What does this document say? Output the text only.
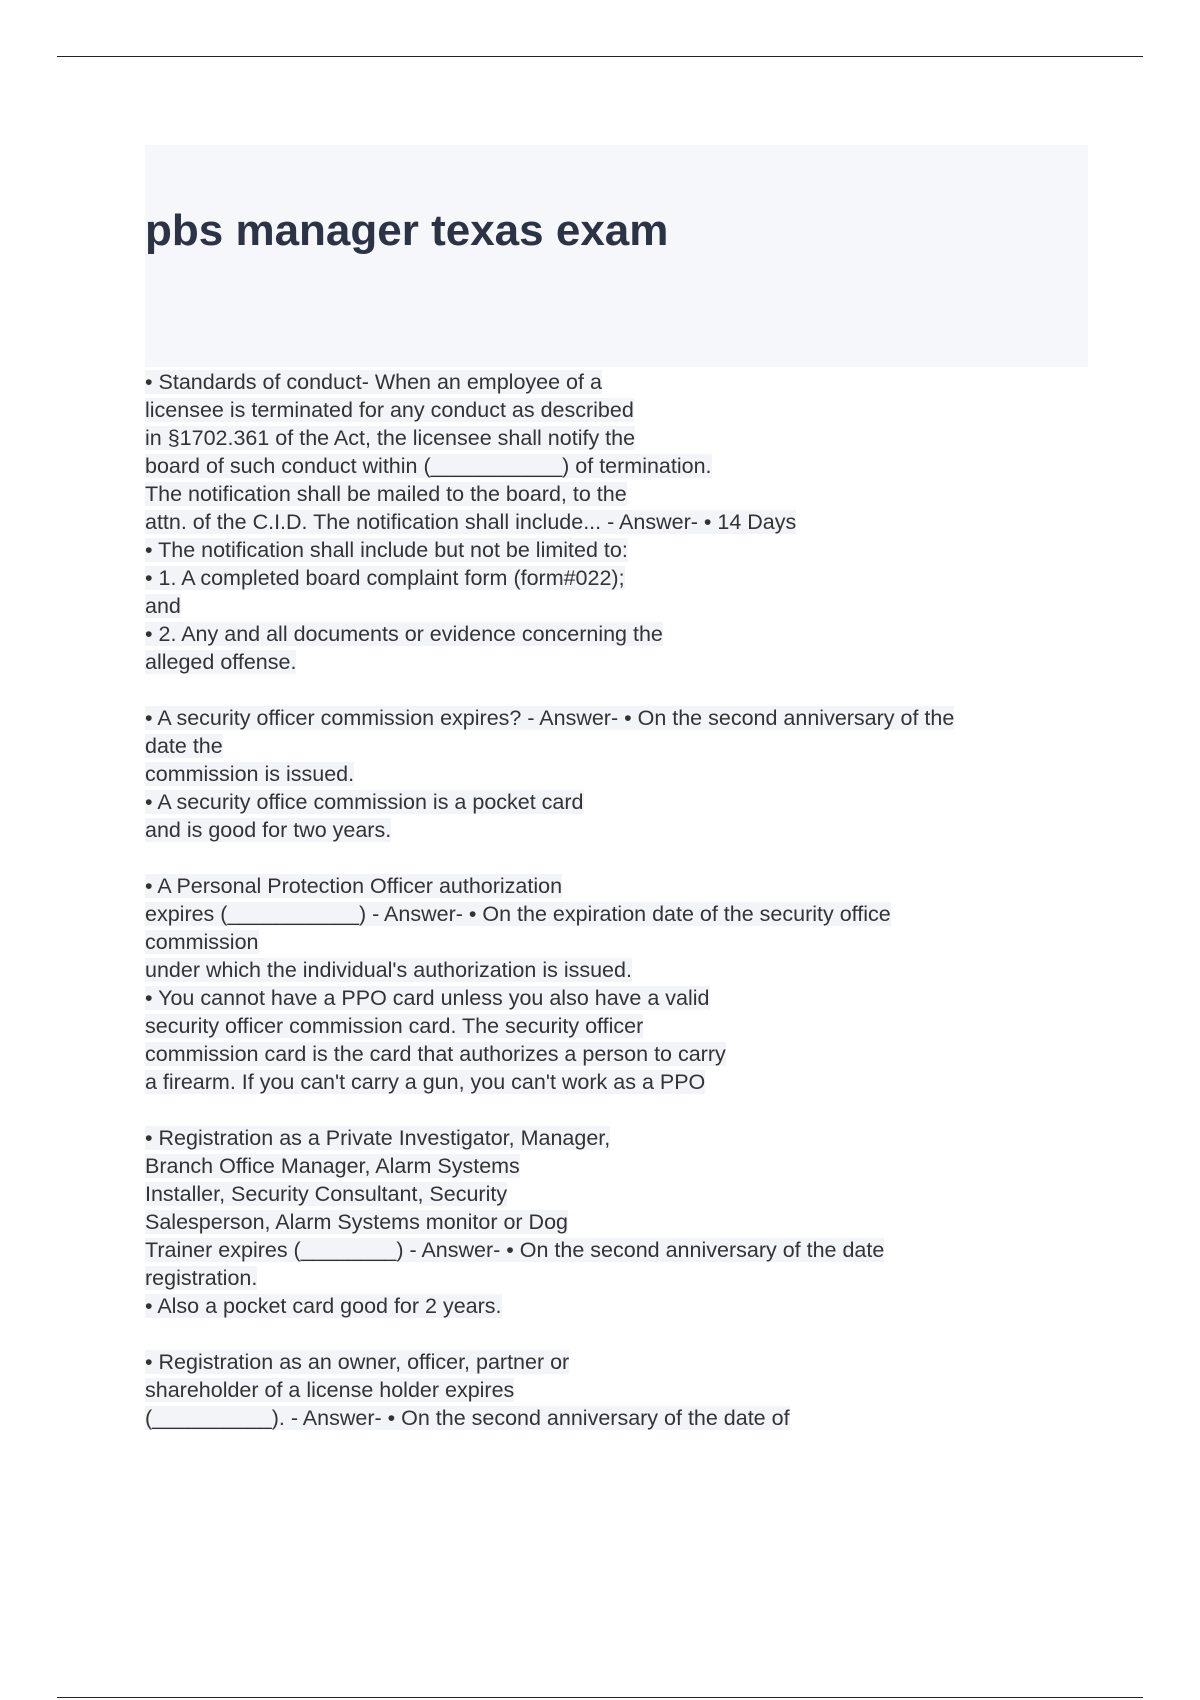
pbs manager texas exam
• Standards of conduct- When an employee of a
licensee is terminated for any conduct as described
in §1702.361 of the Act, the licensee shall notify the
board of such conduct within (___________) of termination.
The notification shall be mailed to the board, to the
attn. of the C.I.D. The notification shall include... - Answer- • 14 Days
• The notification shall include but not be limited to:
• 1. A completed board complaint form (form#022);
and
• 2. Any and all documents or evidence concerning the
alleged offense.
• A security officer commission expires? - Answer- • On the second anniversary of the
date the
commission is issued.
• A security office commission is a pocket card
and is good for two years.
• A Personal Protection Officer authorization
expires (___________) - Answer- • On the expiration date of the security office
commission
under which the individual's authorization is issued.
• You cannot have a PPO card unless you also have a valid
security officer commission card. The security officer
commission card is the card that authorizes a person to carry
a firearm. If you can't carry a gun, you can't work as a PPO
• Registration as a Private Investigator, Manager,
Branch Office Manager, Alarm Systems
Installer, Security Consultant, Security
Salesperson, Alarm Systems monitor or Dog
Trainer expires (________) - Answer- • On the second anniversary of the date
registration.
• Also a pocket card good for 2 years.
• Registration as an owner, officer, partner or
shareholder of a license holder expires
(__________). - Answer- • On the second anniversary of the date of
